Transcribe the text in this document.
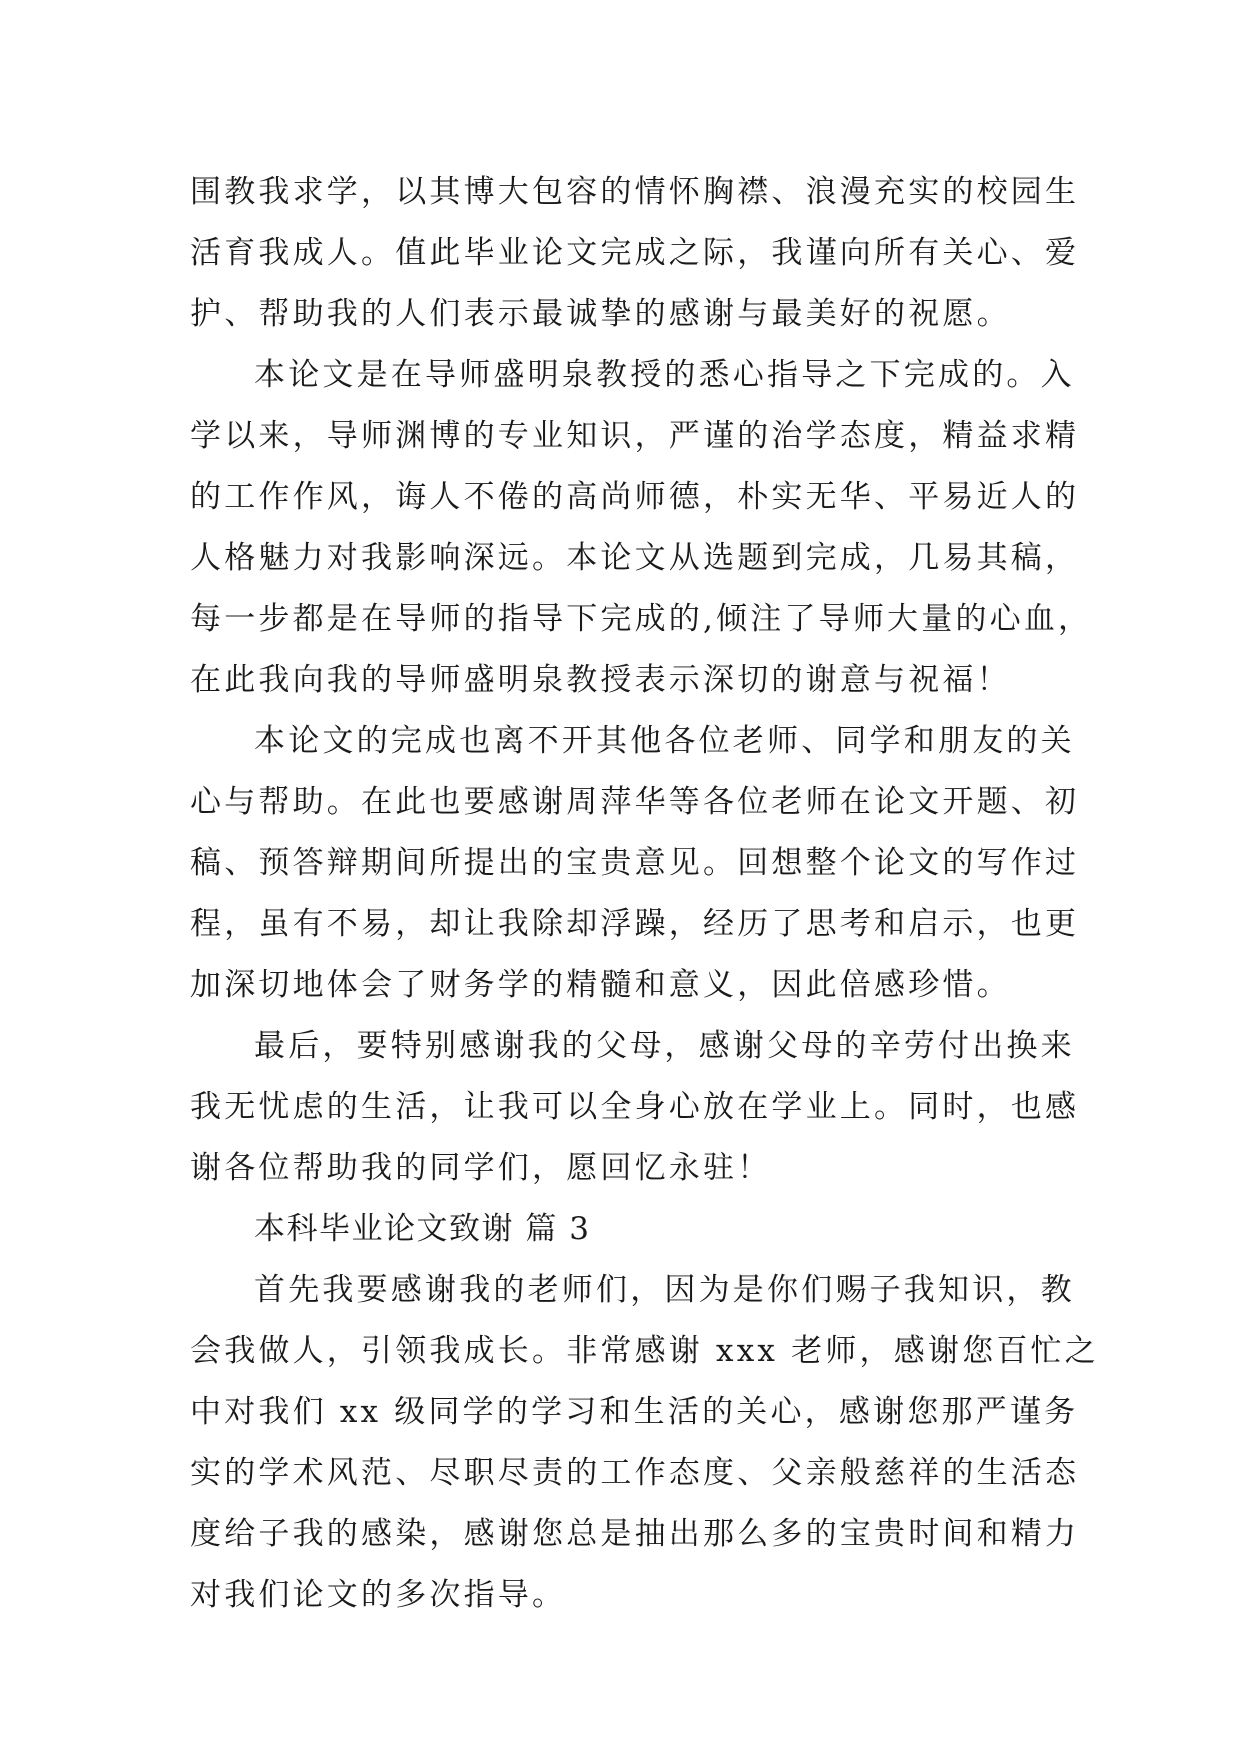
围教我求学，以其博大包容的情怀胸襟、浪漫充实的校园生
活育我成人。值此毕业论文完成之际，我谨向所有关心、爱
护、帮助我的人们表示最诚挚的感谢与最美好的祝愿。
本论文是在导师盛明泉教授的悉心指导之下完成的。入
学以来，导师渊博的专业知识，严谨的治学态度，精益求精
的工作作风，诲人不倦的高尚师德，朴实无华、平易近人的
人格魅力对我影响深远。本论文从选题到完成，几易其稿，
每一步都是在导师的指导下完成的,倾注了导师大量的心血，
在此我向我的导师盛明泉教授表示深切的谢意与祝福！
本论文的完成也离不开其他各位老师、同学和朋友的关
心与帮助。在此也要感谢周萍华等各位老师在论文开题、初
稿、预答辩期间所提出的宝贵意见。回想整个论文的写作过
程，虽有不易，却让我除却浮躁，经历了思考和启示，也更
加深切地体会了财务学的精髓和意义，因此倍感珍惜。
最后，要特别感谢我的父母，感谢父母的辛劳付出换来
我无忧虑的生活，让我可以全身心放在学业上。同时，也感
谢各位帮助我的同学们，愿回忆永驻！
本科毕业论文致谢 篇 3
首先我要感谢我的老师们，因为是你们赐子我知识，教
会我做人，引领我成长。非常感谢 xxx 老师，感谢您百忙之
中对我们 xx 级同学的学习和生活的关心，感谢您那严谨务
实的学术风范、尽职尽责的工作态度、父亲般慈祥的生活态
度给子我的感染，感谢您总是抽出那么多的宝贵时间和精力
对我们论文的多次指导。
